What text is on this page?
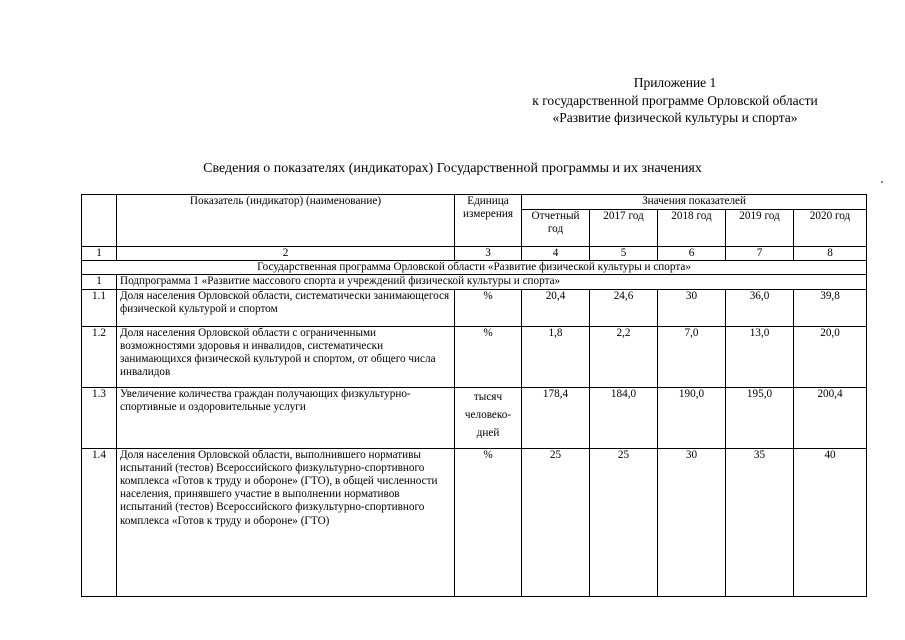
Приложение 1
к государственной программе Орловской области
«Развитие физической культуры и спорта»
Сведения о показателях (индикаторах) Государственной программы и их значениях
	Показатель (индикатор) (наименование)	Единица измерения	Значения показателей				
			Отчетный год	2017 год	2018 год	2019 год	2020 год
1	2	3	4	5	6	7	8
Государственная программа Орловской области «Развитие физической культуры и спорта»							
1	Подпрограмма 1 «Развитие массового спорта и учреждений физической культуры и спорта»						
1.1	Доля населения Орловской области, систематически занимающегося физической культурой и спортом	%	20,4	24,6	30	36,0	39,8
1.2	Доля населения Орловской области с ограниченными возможностями здоровья и инвалидов, систематически занимающихся физической культурой и спортом, от общего числа инвалидов	%	1,8	2,2	7,0	13,0	20,0
1.3	Увеличение количества граждан получающих физкультурно-спортивные и оздоровительные услуги	тысяч человеко-дней	178,4	184,0	190,0	195,0	200,4
1.4	Доля населения Орловской области, выполнившего нормативы испытаний (тестов) Всероссийского физкультурно-спортивного комплекса «Готов к труду и обороне» (ГТО), в общей численности населения, принявшего участие в выполнении нормативов испытаний (тестов) Всероссийского физкультурно-спортивного комплекса «Готов к труду и обороне» (ГТО)	%	25	25	30	35	40
